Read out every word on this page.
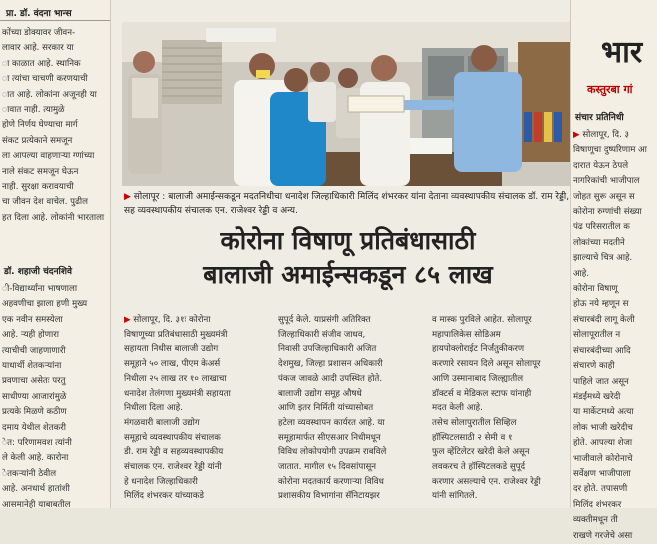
प्रा. डॉ. वंदना भान्स
कोंच्या डोक्यावर जीवन-
लावार आहे. सरकार या
ा काळात आहे. स्थानिक
ा त्यांचा चाचणी करणयाची
ात आहे. लोकांना अजूनही या
ावात नाही. त्यामुळे
होणे निर्णय घेण्याचा मार्ग
संकट प्रत्येकाने समजून
ला आपल्या वाहणाऱ्या ग्णांच्या
नाले संकट समजून घेऊन
नाही. सुरक्षा करावयाची
चा जीवन देश वाचेल. पुढील
हत दिला आहे. लोकांनी भारताला
डॉ. शहाजी चंदनशिवे
ी-विद्यार्थ्यांना भाषणाला
अहवणीचा झाला हणी मुख्य
एक नवीन समस्येला
आहे. ऱ्यही होणारा
त्याचीची जाहणाणारी
याधार्थी शेतकऱ्यांना
प्रवणाचा असेतः परतु
साधीण्या आजारांमुळे
प्रत्यके मिळणे कठीण
दमाय येथील शेतकरी
ेत: परिणामवश त्यांनी
ले केली आहे. कारोना
ेतकऱ्यांनी ठेवील
आहे. अनधार्थ हातांशी
आसमानेही याबाबतील
▶ सोलापूर : बालाजी अमाईन्सकडून मदतनिधीचा धनादेश जिल्हाधिकारी मिलिंद शंभरकर यांना देताना व्यवस्थापकीय संचालक डॉ. राम रेड्डी, सह व्यवस्थापकीय संचालक एन. राजेश्वर रेड्डी व अन्य.
कोरोना विषाणू प्रतिबंधासाठी
बालाजी अमाईन्सकडून ८५ लाख
▶ सोलापूर, दि. ३१ः कोरोना
विषाणूच्या प्रतिबंधासाठी मुख्यमंत्री
सहायता निधीस बालाजी उद्योग
समूहाने ५० लाख, पीएम केअर्स
निधीला २५ लाख तर १० लाखाचा
धनादेश तेलंगणा मुख्यमंत्री सहायता
निधीला दिला आहे.
मंगळवारी बालाजी उद्योग
समूहाचे व्यवस्थापकीय संचालक
डी. राम रेड्डी व सहव्यवस्थापकीय
संचालक एन. राजेश्वर रेड्डी यांनी
हे धनादेश जिल्हाधिकारी
मिलिंद शंभरकर यांच्याकडे
सुपूर्द केले. याप्रसंगी अतिरिक्त
जिल्हाधिकारी संजीव जाधव,
निवासी उपजिल्हाधिकारी अजित
देशमुख, जिल्हा प्रशासन अधिकारी
पंकज जावळे आदी उपस्थित होते.
बालाजी उद्योग समूह औषधे
आणि इतर निर्मिती यांच्यासोबत
हटेला व्यवस्थापन कार्यरत आहे. या
समूहामार्फत सीएसआर निधीमधून
विविध लोकोपयोगी उपक्रम राबविले
जातात. मागील १५ दिवसांपासून
कोरोना मदतकार्य करणाऱ्या विविध
प्रशासकीय विभागांना सॅनिटायझर
व मास्क पुरविले आहेत. सोलापूर
महापालिकेस सोडिअम
हायपोक्लोराईट निर्जंतुकीकरण
करणारे रसायन दिले असून सोलापूर
आणि उस्मानाबाद जिल्ह्यातील
डॉक्टर्स व मेडिकल स्टाफ यांनाही
मदत केली आहे.
तसेच सोलापुरातील सिव्हिल
हॉस्पिटलसाठी २ सेमी व १
फुल व्हेंटिलेटर खरेदी केले असून
लवकरच ते हॉस्पिटलकडे सुपूर्द
करणार असल्याचे एन. राजेश्वर रेड्डी
यांनी सांगितले.
भार
कस्तुरबा गां
संचार प्रतिनिधी
▶ सोलापूर, दि. ३
विषाणूचा दुष्परिणाम आ
दारात येऊन ठेपले
नागरिकांची भाजीपाल
जोहत सुरू असून स
कोरोना रुग्णांची संख्या
पंढ परिसरातील क
लोकांच्या मदतीने
झाल्याचे चित्र आहे.
आहे.
कोरोना विषाणू
होऊ नये म्हणून स
संचारबंदी लागू केली
सोलापूरातील न
संचारबंदीच्या आदि
संचारणे काही
पाहिले जात असून
मंडईंमध्ये खरेदी
या मार्केटमध्ये अत्या
लोक भाजी खरेदीच
होते. आपल्या शेजा
भाजीवाले कोरोनाचे
सर्वेक्षण भाजीपाला
दर होते. तपासणी
मिलिंद शंभरकर
व्यक्तीमधून ती
राखणे गरजेचे असा
